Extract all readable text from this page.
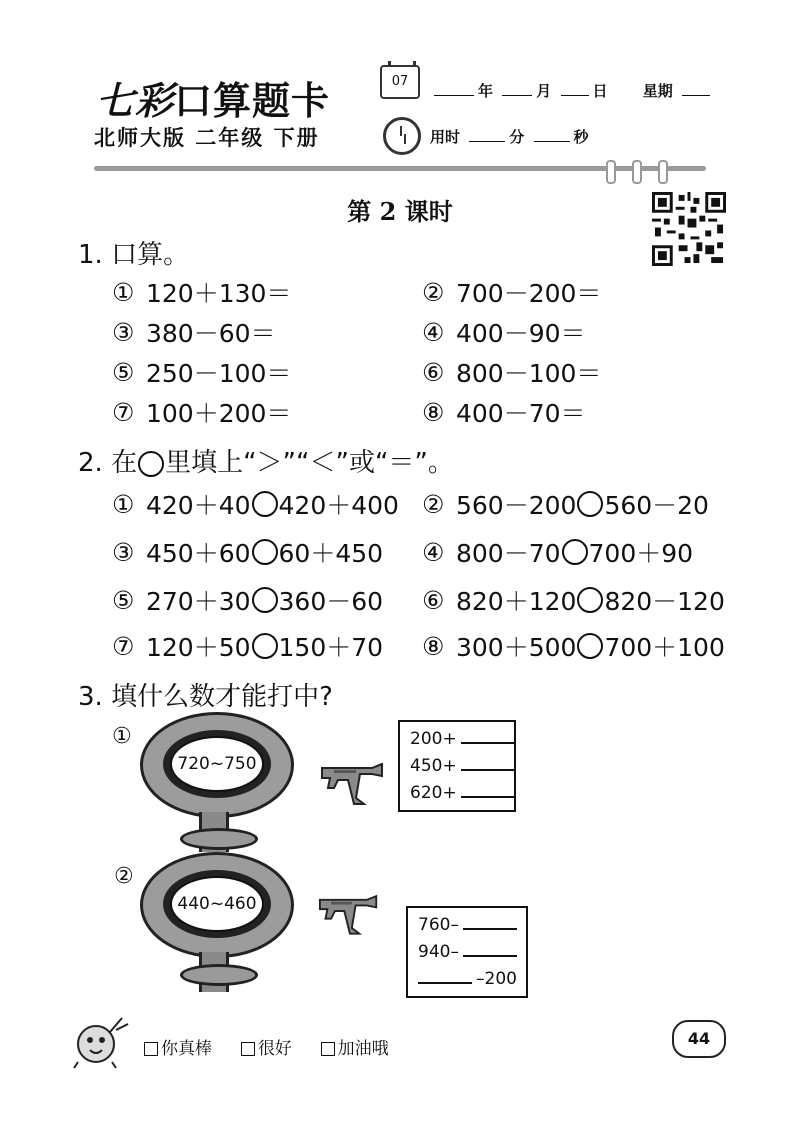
七彩口算题卡
北师大版 二年级 下册
07
年	月	日 星期
用时	分	秒
第 2 课时
1. 口算。
① 120＋130＝	② 700－200＝
③ 380－60＝	④ 400－90＝
⑤ 250－100＝	⑥ 800－100＝
⑦ 100＋200＝	⑧ 400－70＝
2. 在 里填上“＞”“＜”或“＝”。
① 420＋40 420＋400 ② 560－200 560－20
③ 450＋60 60＋450 ④ 800－70 700＋90
⑤ 270＋30 360－60 ⑥ 820＋120 820－120
⑦ 120＋50 150＋70 ⑧ 300＋500 700＋100
3. 填什么数才能打中?
①
720~750
200+
450+
620+
②
440~460
760–
940–
–200
你真棒	很好	加油哦
44
